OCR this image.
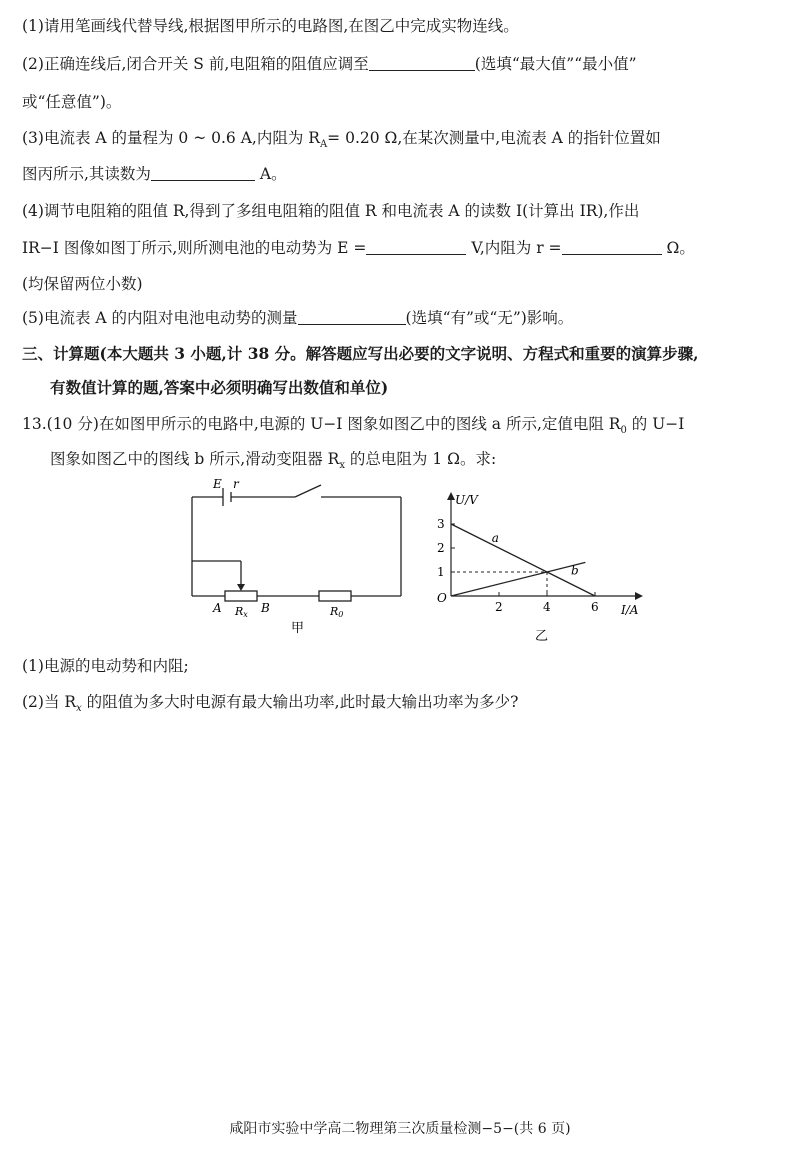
(1)请用笔画线代替导线,根据图甲所示的电路图,在图乙中完成实物连线。
(2)正确连线后,闭合开关 S 前,电阻箱的阻值应调至	(选填“最大值”“最小值”
或“任意值”)。
(3)电流表 A 的量程为 0 ~ 0.6 A,内阻为 $R_A= 0.20$ Ω,在某次测量中,电流表 A 的指针位置如
图丙所示,其读数为	A。
(4)调节电阻箱的阻值 R,得到了多组电阻箱的阻值 R 和电流表 A 的读数 I(计算出 IR),作出
IR−I 图像如图丁所示,则所测电池的电动势为 E =	V,内阻为 r =	Ω。
(均保留两位小数)
(5)电流表 A 的内阻对电池电动势的测量	(选填“有”或“无”)影响。
三、计算题(本大题共 3 小题,计 38 分。解答题应写出必要的文字说明、方程式和重要的演算步骤,
有数值计算的题,答案中必须明确写出数值和单位)
13.(10 分)在如图甲所示的电路中,电源的 U−I 图象如图乙中的图线 a 所示,定值电阻 $R_0$ 的 U−I
图象如图乙中的图线 b 所示,滑动变阻器 $R_x$ 的总电阻为 1 Ω。求:
E r
A	B
Rx	R0
甲
2	4	6
1
2
3
a
b
U/V
I/A
O
乙
(1)电源的电动势和内阻;
(2)当 $R_x$ 的阻值为多大时电源有最大输出功率,此时最大输出功率为多少?
咸阳市实验中学高二物理第三次质量检测−5−(共 6 页)
